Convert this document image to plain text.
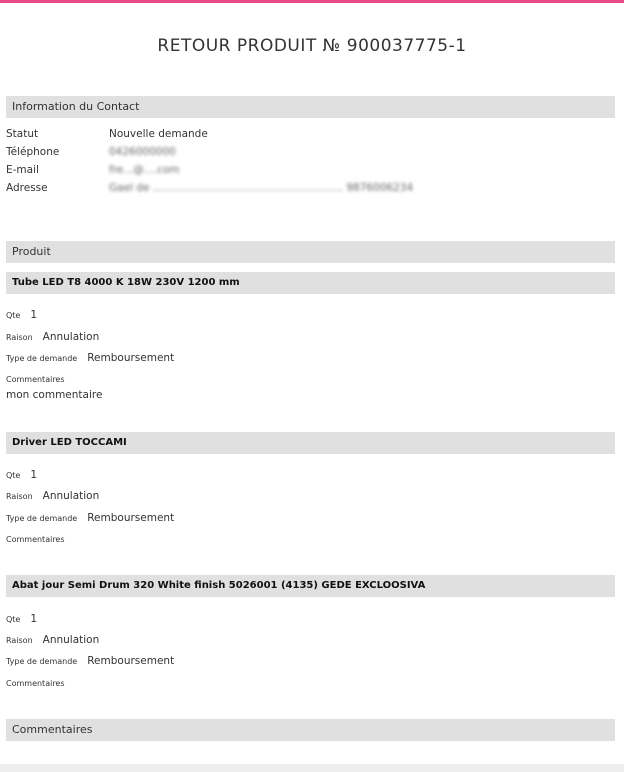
RETOUR PRODUIT № 900037775-1
Information du Contact
Statut	Nouvelle demande
Téléphone	0426000000
E-mail	fre...@....com
Adresse	Gael de ......................................................... 9876006234
Produit
Tube LED T8 4000 K 18W 230V 1200 mm
Qte 1
Raison Annulation
Type de demande Remboursement
Commentaires
mon commentaire
Driver LED TOCCAMI
Qte 1
Raison Annulation
Type de demande Remboursement
Commentaires
Abat jour Semi Drum 320 White finish 5026001 (4135) GEDE EXCLOOSIVA
Qte 1
Raison Annulation
Type de demande Remboursement
Commentaires
Commentaires
